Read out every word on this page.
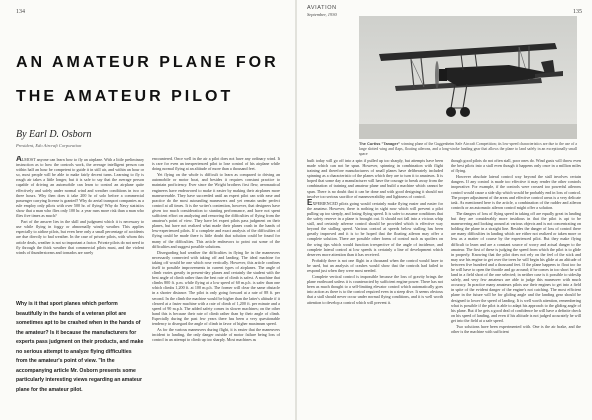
134
AN AMATEUR PLANE FOR THE AMATEUR PILOT
By Earl D. Osborn
President, Edo Aircraft Corporation

ALMOST anyone can learn how to fly an airplane. With a little preliminary instruction as to how the controls work, the average intelligent person can within half an hour be competent to guide it in still air, and within an hour or so, most people will be able to make fairly decent turns. Learning to fly is rough air takes a little longer, but it is safe to say that the average person capable of driving an automobile can learn to control an airplane quite effectively and safely under normal wind and weather conditions in two or three hours. Why then does it take 200 hr of solo before a commercial passenger carrying license is granted? Why do aerial transport companies as a rule employ only pilots with over 500 hr. of flying? Why do Navy statistics show that a man who flies only 100 hr. a year runs more risk than a man who flies five times as much?

Part of the answer lies in the skill and judgment which it is necessary to use while flying in foggy or abnormally windy weather. This applies especially to airline pilots, but even here only a small percentage of accidents are due directly to bad weather. In the case of private pilots, with whom this article deals, weather is not so important a factor. Private pilots do not need to fly through the thick weather that commercial pilots must, and the violent winds of thunderstorms and tornados are rarely

Why is it that sport planes which perform beautifully in the hands of a veteran pilot are sometimes apt to be crashed when in the hands of the amateur? Is it because the manufacturers for experts pass judgment on their products, and make no serious attempt to analyze flying difficulties from the amateur's point of view. "In the accompanying article Mr. Osborn presents some particularly interesting views regarding an amateur plane for the amateur pilot.

encountered. Once well in the air a pilot does not have any ordinary wind. It is rare for even an inexperienced pilot to lose control of his airplane while doing normal flying at an altitude of more than a thousand feet.

Yet flying on the whole is difficult to learn as compared to driving an automobile or motor boat, and besides it requires constant practice to maintain proficiency. Ever since the Wright brothers first flew, aeronautical engineers have endeavored to make it easier by making their airplanes more maneuverable. They have succeeded until an expert pilot can with ease and practice do the most astounding maneuvers and yet remain under perfect control at all times. It is the writer's contention, however, that designers have given too much consideration to stunting performance, and have not spent sufficient effort on analyzing and removing the difficulties of flying from the amateur's point of view. They have let expert pilots pass judgment on their planes, but have not realized what made their planes crash in the hands of less-experienced pilots. If a complete and exact analysis of the difficulties of flying could be made there is little doubt that solution could be found for many of the difficulties. This article endeavors to point out some of the difficulties and suggest possible solutions.

Disregarding bad weather the difficulties in flying lie in the maneuvers necessarily connected with taking off and landing. The ideal machine for taking off would be one which rose vertically. However, this article confines itself to possible improvements in current types of airplanes. The angle of climb varies greatly in present-day planes and certainly the student with the best angle of climb rather than the best rate of climb is safest. A machine that climbs 800 ft. p.m. while flying at a low speed of 60 m.p.h. is safer than one which climbs 1,200 ft. at 100 m.p.h. The former will clear the same obstacle in a shorter distance. The pilot is only going forward at a rate of 88 ft. per second. In the climb the machine would be higher than the latter's altitude if it cleared at a faster machine with a rate of climb of 1,200 ft. per minute and a speed of 90 m.p.h. The added safety comes in slower machines; on the other hand this is because their rate of climb rather than by their angle of climb. Especially during the past few years there has been a very questionable tendency to disregard the angle of climb in favor of higher maximum speed.

As for the various maneuvers during flight, it is easier that the maneuvers incident to landing, the only danger outside of motor failure being loss of control in an attempt to climb up too sharply. Most machines as

AVIATION
September, 1930	135
The Curtiss "Tanager" winning plane of the Guggenheim Safe Aircraft Competition; its low-speed characteristics are due to the use of a large slotted wing and flaps, floating ailerons, and a long-stroke landing gear that allows the plane to land safely in an exceptionally small space

built today will go off into a spin if pulled up too sharply, but attempts have been made which can not be spun. However, spinning in combination with flight training and therefore manufacturers of small planes have deliberately included spinning as a characteristic of the planes which they are to turn it to amateurs. It is hoped that some day a manufacturer will have the courage to break away from the combination of training and amateur plane and build a machine which cannot be spun. There is no doubt that it can be done and with good designing it should not involve too serious sacrifice of maneuverability and lightness of control.

EXPERIENCED pilots going would certainly make flying easier and easier for the amateur. However, there is nothing in sight now which will prevent a pilot pulling up too steeply, and losing flying speed. It is safer to assume conditions that the safety reserve in a plane is brought out. It should not fall into a vicious whip stall, and certainly adverse control should be provided which is effective way beyond the stalling speed. Various control at speeds below stalling has been greatly improved and it is to be hoped that the floating aileron may offer a complete solution. There are possible other forms of control such as spoilers on the wing tips which would function irrespective of the angle of incidence, and complete lateral control at low speeds is certainly a line of development which deserves more attention than it has received.

Probably there is not one flight in a thousand when the control would have to be used, but an analysis of crashes would show that the controls had failed to respond just when they were most needed.

Complete vertical control is impossible because the loss of gravity brings the plane earthward unless it is counteracted by sufficient engine power. There has not been as much thought to a self-limiting elevator control which automatically goes into action as there is to the control required even in a steep dive. It seems obvious that a stall should never occur under normal flying conditions, and it is well worth attention to develop a control which will prevent it.

though good pilots do not often stall, poor ones do. Wind gusts will throw even the best pilots into a stall even though it happens only once in a million miles of flying.

However absolute lateral control way beyond the stall involves certain dangers. If any control is made too effective it may render the other controls inoperative. For example, if the controls were crossed too powerful ailerons control would cause a side slip which would be probably end in loss of control. The proper adjustment of the areas and effective control areas is a very delicate task. As mentioned here is the article, a combination of the rudder and aileron controls or an automatic aileron control might offer a solution.

The dangers of loss of flying speed in taking off are equally great in landing but they are considerably more insidious in that the pilot is apt to be maneuvering and looking around at various objects and is not concentrating on holding the plane in a straight line. Besides the danger of loss of control there are many difficulties in landing which are either not realized or taken more or less as a matter of course by the experienced pilot. But they make flying difficult to learn and are a constant source of worry and actual danger to the amateur. The first of these is judging the speed from which the pilot is to glide in properly. Knowing that the pilot does not rely on the feel of the stick and may use his engine to get over the trees he will begin his glide at an altitude of between five hundred and a thousand feet. If the plane happens to float too far he will have to open the throttle and go around; if he comes in too short he will land in a field short of the one selected; in neither case is it possible to sideslip safely, and very few amateurs are able to judge this maneuver with much accuracy. In practice many amateurs pilots use their engines to get into a field in spite of the evident danger of the engine's not catching. The most efficient plane in the future will be for gliding angle and the landing gear should be designed to lower the speed of landing. It is well worth attention, remembering what is possible if the pilot is able to adapt his approach to the gliding angle of his plane. But if he gets a good deal of confidence he will have a definite check on his speed of landing, and even if his altitude is not judged accurately he will get into the field at a safe speed.

Two solutions have been experimented with. One is the air brake, and the other is the machine with sufficient
